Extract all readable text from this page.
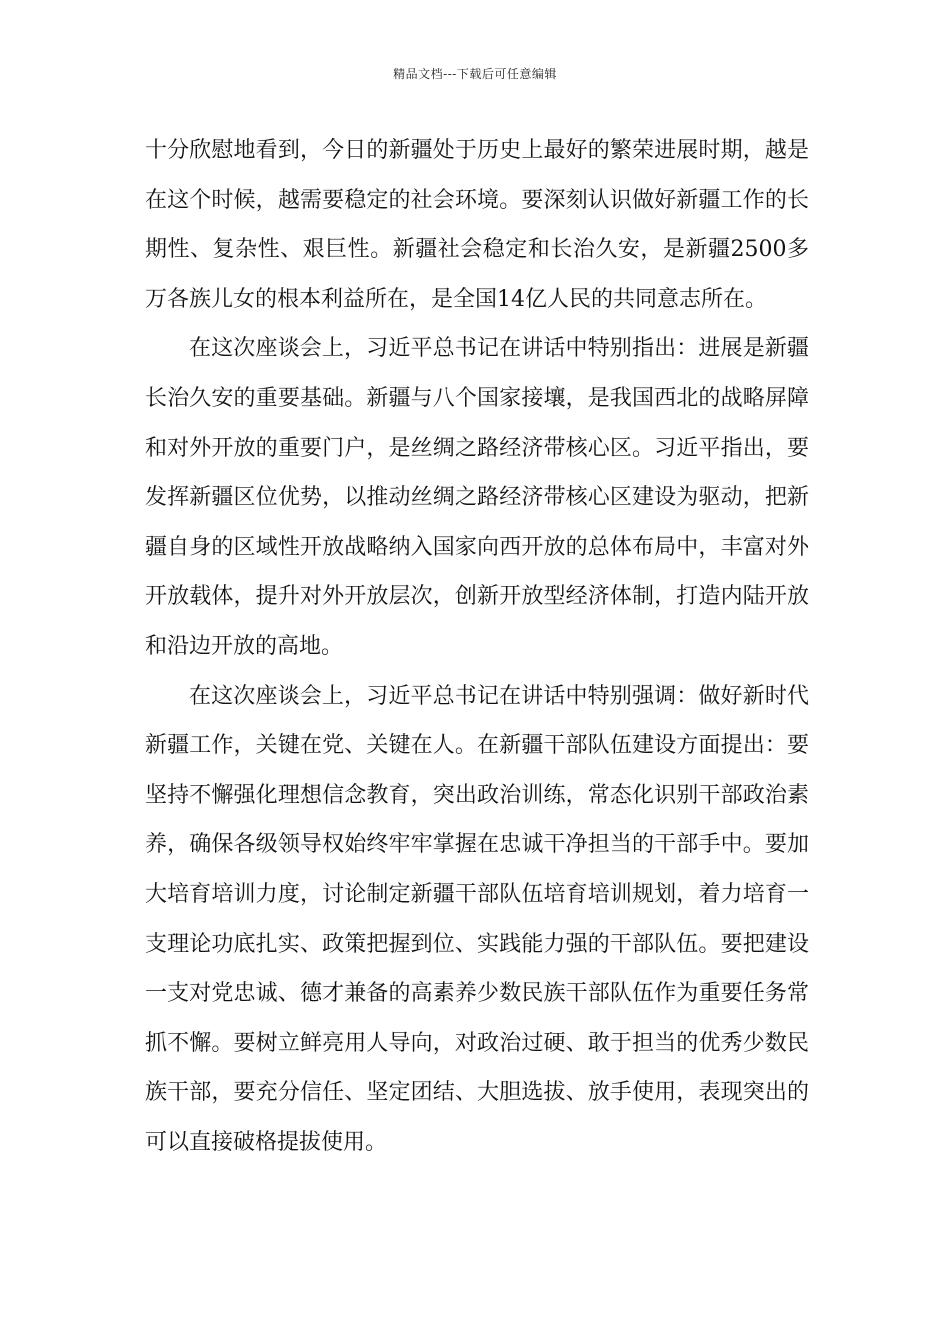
精品文档---下载后可任意编辑

十分欣慰地看到，今日的新疆处于历史上最好的繁荣进展时期，越是在这个时候，越需要稳定的社会环境。要深刻认识做好新疆工作的长期性、复杂性、艰巨性。新疆社会稳定和长治久安，是新疆2500多万各族儿女的根本利益所在，是全国14亿人民的共同意志所在。

在这次座谈会上，习近平总书记在讲话中特别指出：进展是新疆长治久安的重要基础。新疆与八个国家接壤，是我国西北的战略屏障和对外开放的重要门户，是丝绸之路经济带核心区。习近平指出，要发挥新疆区位优势，以推动丝绸之路经济带核心区建设为驱动，把新疆自身的区域性开放战略纳入国家向西开放的总体布局中，丰富对外开放载体，提升对外开放层次，创新开放型经济体制，打造内陆开放和沿边开放的高地。

在这次座谈会上，习近平总书记在讲话中特别强调：做好新时代新疆工作，关键在党、关键在人。在新疆干部队伍建设方面提出：要坚持不懈强化理想信念教育，突出政治训练，常态化识别干部政治素养，确保各级领导权始终牢牢掌握在忠诚干净担当的干部手中。要加大培育培训力度，讨论制定新疆干部队伍培育培训规划，着力培育一支理论功底扎实、政策把握到位、实践能力强的干部队伍。要把建设一支对党忠诚、德才兼备的高素养少数民族干部队伍作为重要任务常抓不懈。要树立鲜亮用人导向，对政治过硬、敢于担当的优秀少数民族干部，要充分信任、坚定团结、大胆选拔、放手使用，表现突出的可以直接破格提拔使用。
